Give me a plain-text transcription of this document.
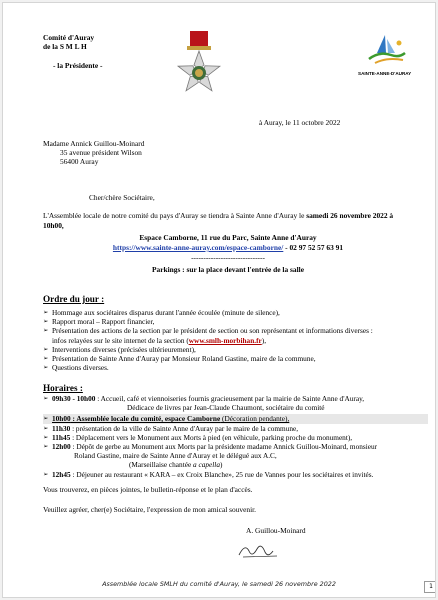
Comité d'Auray
de la S M L H
- la Présidente -
SAINTE-ANNE-D'AURAY
à Auray, le 11 octobre 2022
Madame Annick Guillou-Moinard
35 avenue président Wilson
56400 Auray
Cher/chère Sociétaire,
L'Assemblée locale de notre comité du pays d'Auray se tiendra à Sainte Anne d'Auray le samedi 26 novembre 2022 à 10h00,
Espace Camborne, 11 rue du Parc, Sainte Anne d'Auray
https://www.sainte-anne-auray.com/espace-camborne/ - 02 97 52 57 63 91
------------------------------
Parkings : sur la place devant l'entrée de la salle
Ordre du jour :
➢ Hommage aux sociétaires disparus durant l'année écoulée (minute de silence),
➢ Rapport moral – Rapport financier,
➢ Présentation des actions de la section par le président de section ou son représentant et informations diverses :
infos relayées sur le site internet de la section (www.smlh-morbihan.fr),
➢ Interventions diverses (précisées ultérieurement),
➢ Présentation de Sainte Anne d'Auray par Monsieur Roland Gastine, maire de la commune,
➢ Questions diverses.
Horaires :
➢ 09h30 - 10h00 : Accueil, café et viennoiseries fournis gracieusement par la mairie de Sainte Anne d'Auray,
Dédicace de livres par Jean-Claude Chaumont, sociétaire du comité
➢ 10h00 : Assemblée locale du comité, espace Camborne (Décoration pendante),
➢ 11h30 : présentation de la ville de Sainte Anne d'Auray par le maire de la commune,
➢ 11h45 : Déplacement vers le Monument aux Morts à pied (en véhicule, parking proche du monument),
➢ 12h00 : Dépôt de gerbe au Monument aux Morts par la présidente madame Annick Guillou-Moinard, monsieur
Roland Gastine, maire de Sainte Anne d'Auray et le délégué aux A.C,
(Marseillaise chantée a capella)
➢ 12h45 : Déjeuner au restaurant « KARA – ex Croix Blanche», 25 rue de Vannes pour les sociétaires et invités.
Vous trouverez, en pièces jointes, le bulletin-réponse et le plan d'accès.
Veuillez agréer, cher(e) Sociétaire, l'expression de mon amical souvenir.
A. Guillou-Moinard
Assemblée locale SMLH du comité d'Auray, le samedi 26 novembre 2022	1
